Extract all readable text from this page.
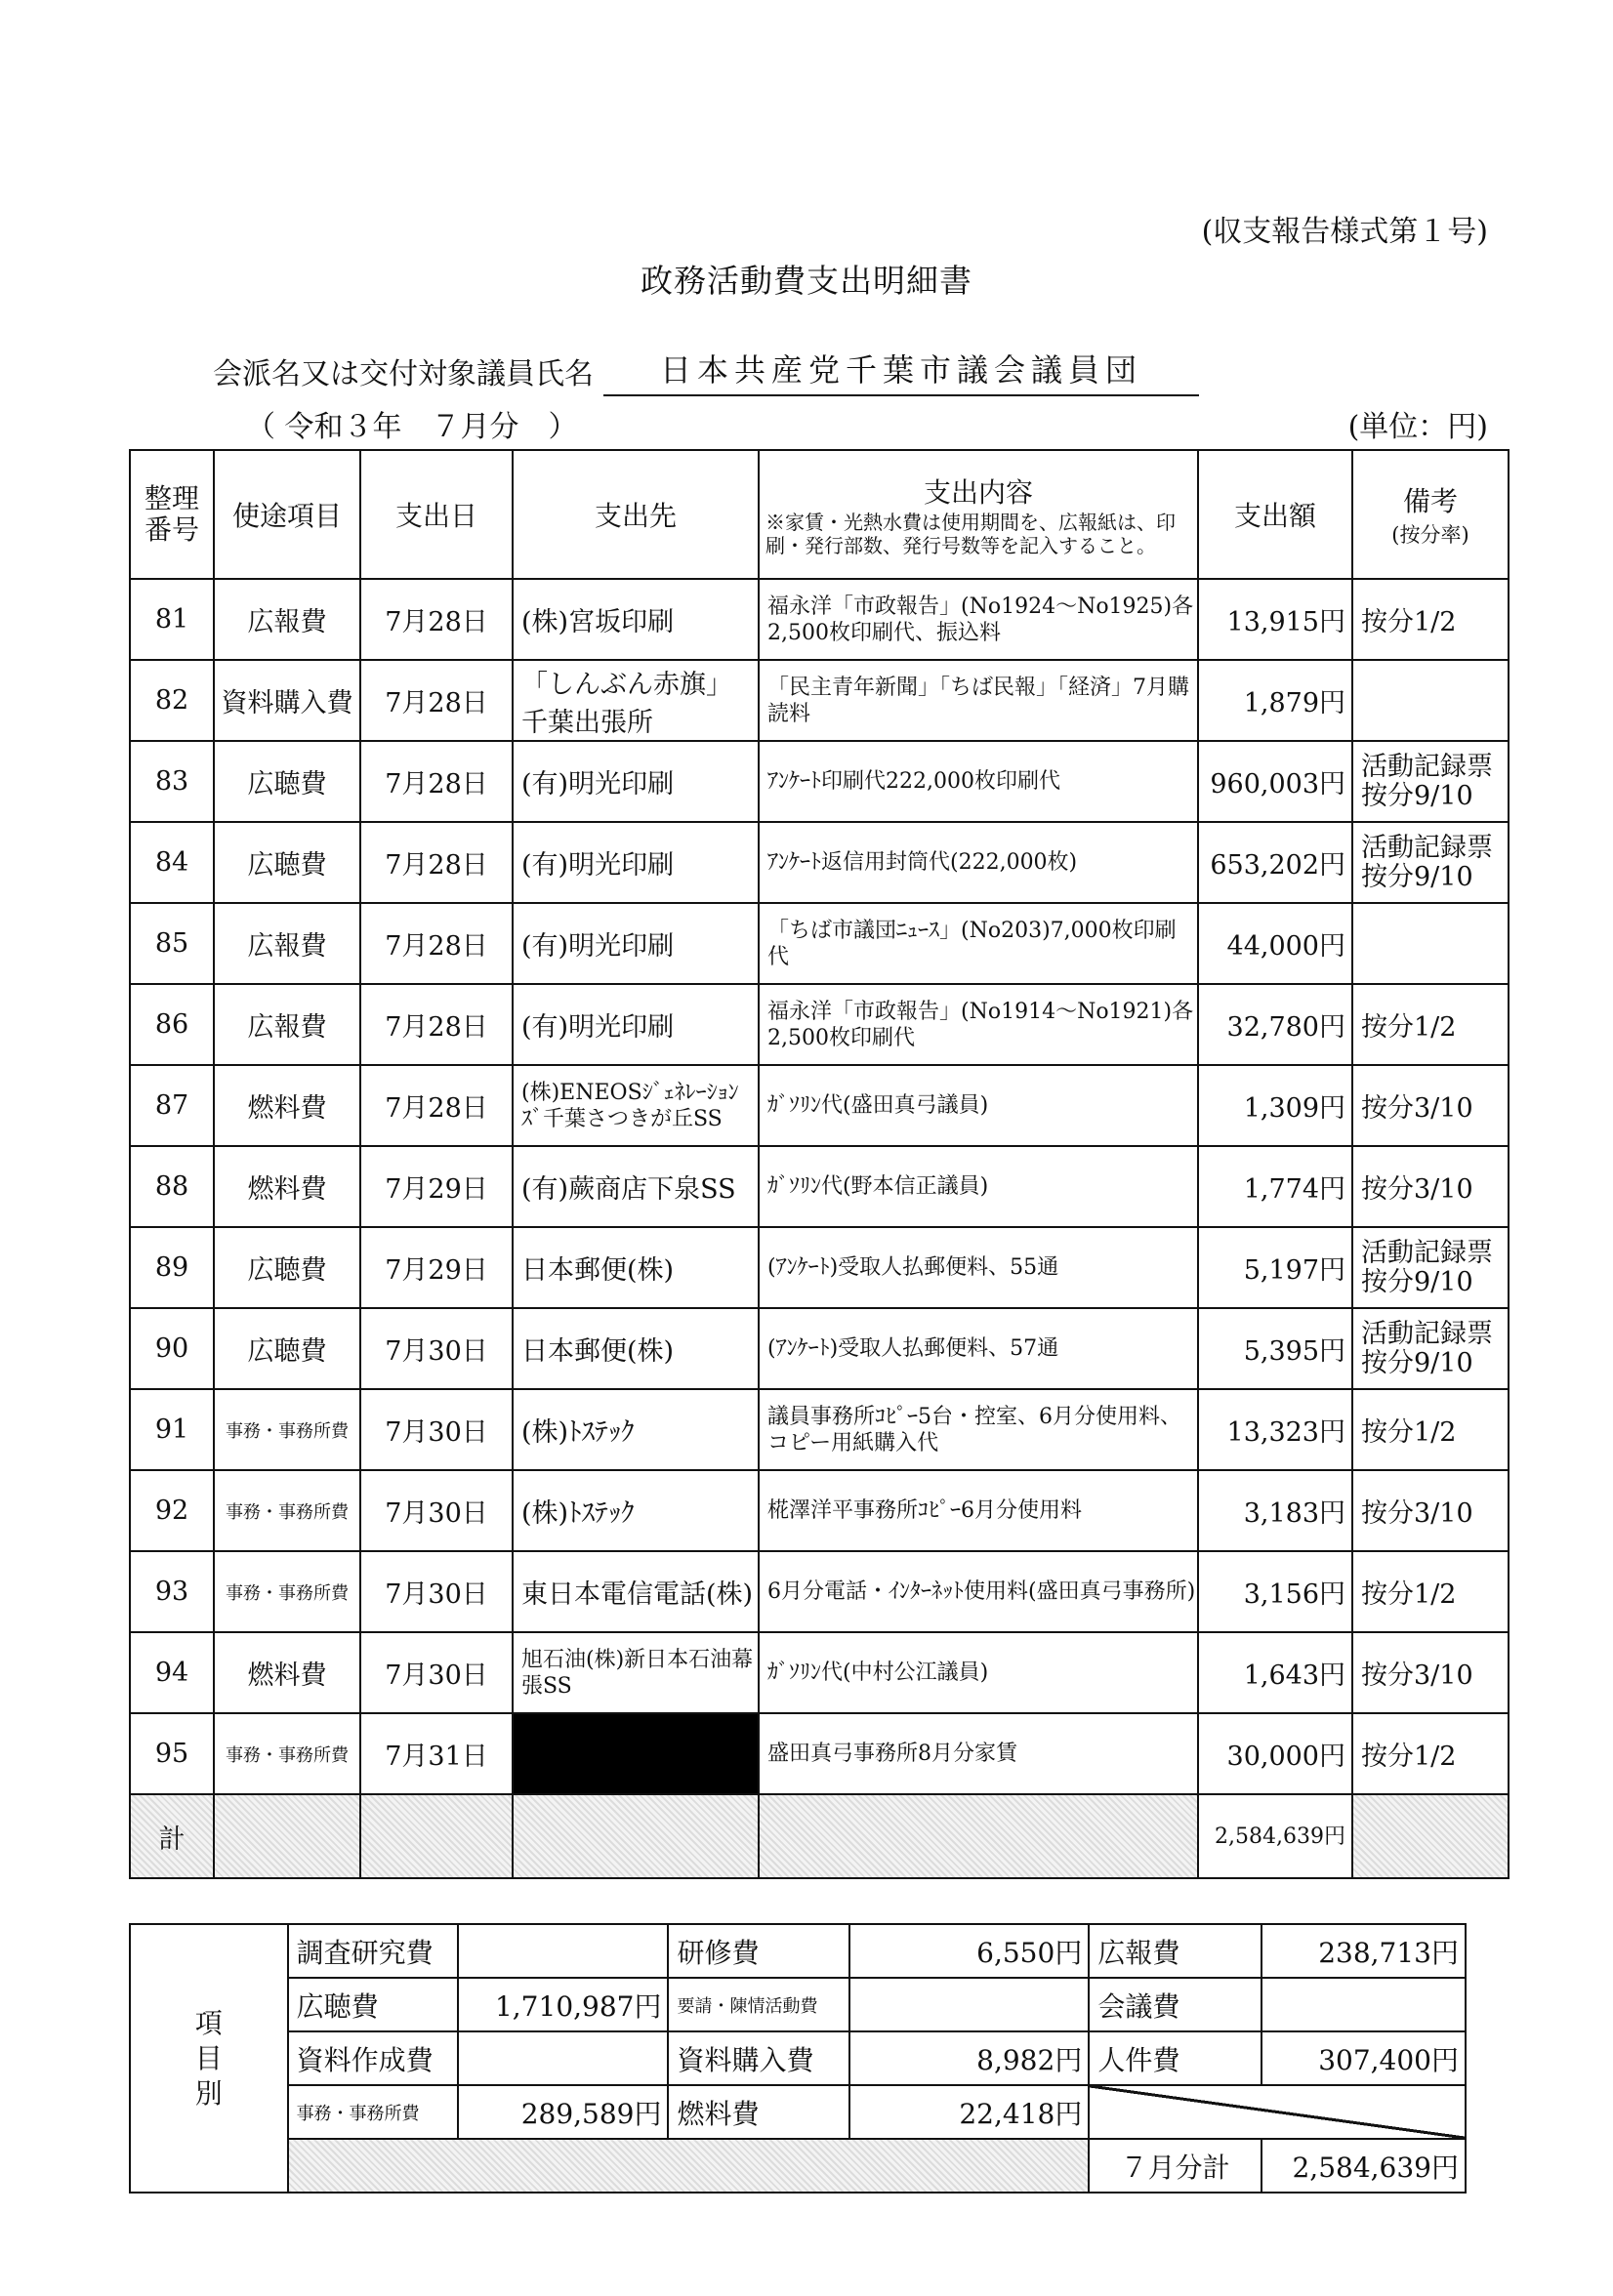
(収支報告様式第１号)
政務活動費支出明細書
会派名又は交付対象議員氏名	日本共産党千葉市議会議員団
（ 令和３年　７月分　）	(単位：円)
整理
番号	使途項目	支出日	支出先	支出内容
※家賃・光熱水費は使用期間を、広報紙は、印刷・発行部数、発行号数等を記入すること。	支出額	備考
(按分率)

81	広報費	7月28日	(株)宮坂印刷	福永洋「市政報告」(No1924～No1925)各2,500枚印刷代、振込料	13,915円	按分1/2
82	資料購入費	7月28日	「しんぶん赤旗」千葉出張所	「民主青年新聞」「ちば民報」「経済」7月購読料	1,879円	
83	広聴費	7月28日	(有)明光印刷	ｱﾝｹｰﾄ印刷代222,000枚印刷代	960,003円	活動記録票按分9/10
84	広聴費	7月28日	(有)明光印刷	ｱﾝｹｰﾄ返信用封筒代(222,000枚)	653,202円	活動記録票按分9/10
85	広報費	7月28日	(有)明光印刷	「ちば市議団ﾆｭｰｽ」(No203)7,000枚印刷代	44,000円	
86	広報費	7月28日	(有)明光印刷	福永洋「市政報告」(No1914～No1921)各2,500枚印刷代	32,780円	按分1/2
87	燃料費	7月28日	(株)ENEOSｼﾞｪﾈﾚｰｼｮﾝｽﾞ千葉さつきが丘SS	ｶﾞｿﾘﾝ代(盛田真弓議員)	1,309円	按分3/10
88	燃料費	7月29日	(有)蕨商店下泉SS	ｶﾞｿﾘﾝ代(野本信正議員)	1,774円	按分3/10
89	広聴費	7月29日	日本郵便(株)	(ｱﾝｹｰﾄ)受取人払郵便料、55通	5,197円	活動記録票按分9/10
90	広聴費	7月30日	日本郵便(株)	(ｱﾝｹｰﾄ)受取人払郵便料、57通	5,395円	活動記録票按分9/10
91	事務・事務所費	7月30日	(株)ﾄｽﾃｯｸ	議員事務所ｺﾋﾟｰ5台・控室、6月分使用料、コピー用紙購入代	13,323円	按分1/2
92	事務・事務所費	7月30日	(株)ﾄｽﾃｯｸ	椛澤洋平事務所ｺﾋﾟｰ6月分使用料	3,183円	按分3/10
93	事務・事務所費	7月30日	東日本電信電話(株)	6月分電話・ｲﾝﾀｰﾈｯﾄ使用料(盛田真弓事務所)	3,156円	按分1/2
94	燃料費	7月30日	旭石油(株)新日本石油幕張SS	ｶﾞｿﾘﾝ代(中村公江議員)	1,643円	按分3/10
95	事務・事務所費	7月31日		盛田真弓事務所8月分家賃	30,000円	按分1/2
計					2,584,639円	
項
目
別	調査研究費		研修費	6,550円	広報費	238,713円
	広聴費	1,710,987円	要請・陳情活動費		会議費	
	資料作成費		資料購入費	8,982円	人件費	307,400円
	事務・事務所費	289,589円	燃料費	22,418円		
					７月分計	2,584,639円
